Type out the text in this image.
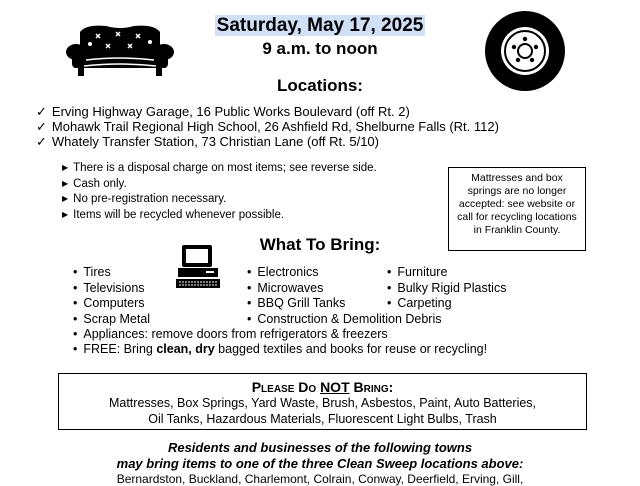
Saturday, May 17, 2025
9 a.m. to noon
Locations:
✓ Erving Highway Garage, 16 Public Works Boulevard (off Rt. 2)
✓ Mohawk Trail Regional High School, 26 Ashfield Rd, Shelburne Falls (Rt. 112)
✓ Whately Transfer Station, 73 Christian Lane (off Rt. 5/10)
▶ There is a disposal charge on most items; see reverse side.
▶ Cash only.
▶ No pre-registration necessary.
▶ Items will be recycled whenever possible.
Mattresses and box springs are no longer accepted: see website or call for recycling locations in Franklin County.
What To Bring:
• Tires
• Televisions
• Computers
• Scrap Metal
• Electronics
• Microwaves
• BBQ Grill Tanks
• Construction & Demolition Debris
• Furniture
• Bulky Rigid Plastics
• Carpeting
• Appliances: remove doors from refrigerators & freezers
• FREE: Bring clean, dry bagged textiles and books for reuse or recycling!
Please Do NOT Bring:
Mattresses, Box Springs, Yard Waste, Brush, Asbestos, Paint, Auto Batteries,
Oil Tanks, Hazardous Materials, Fluorescent Light Bulbs, Trash
Residents and businesses of the following towns
may bring items to one of the three Clean Sweep locations above:
Bernardston, Buckland, Charlemont, Colrain, Conway, Deerfield, Erving, Gill,
